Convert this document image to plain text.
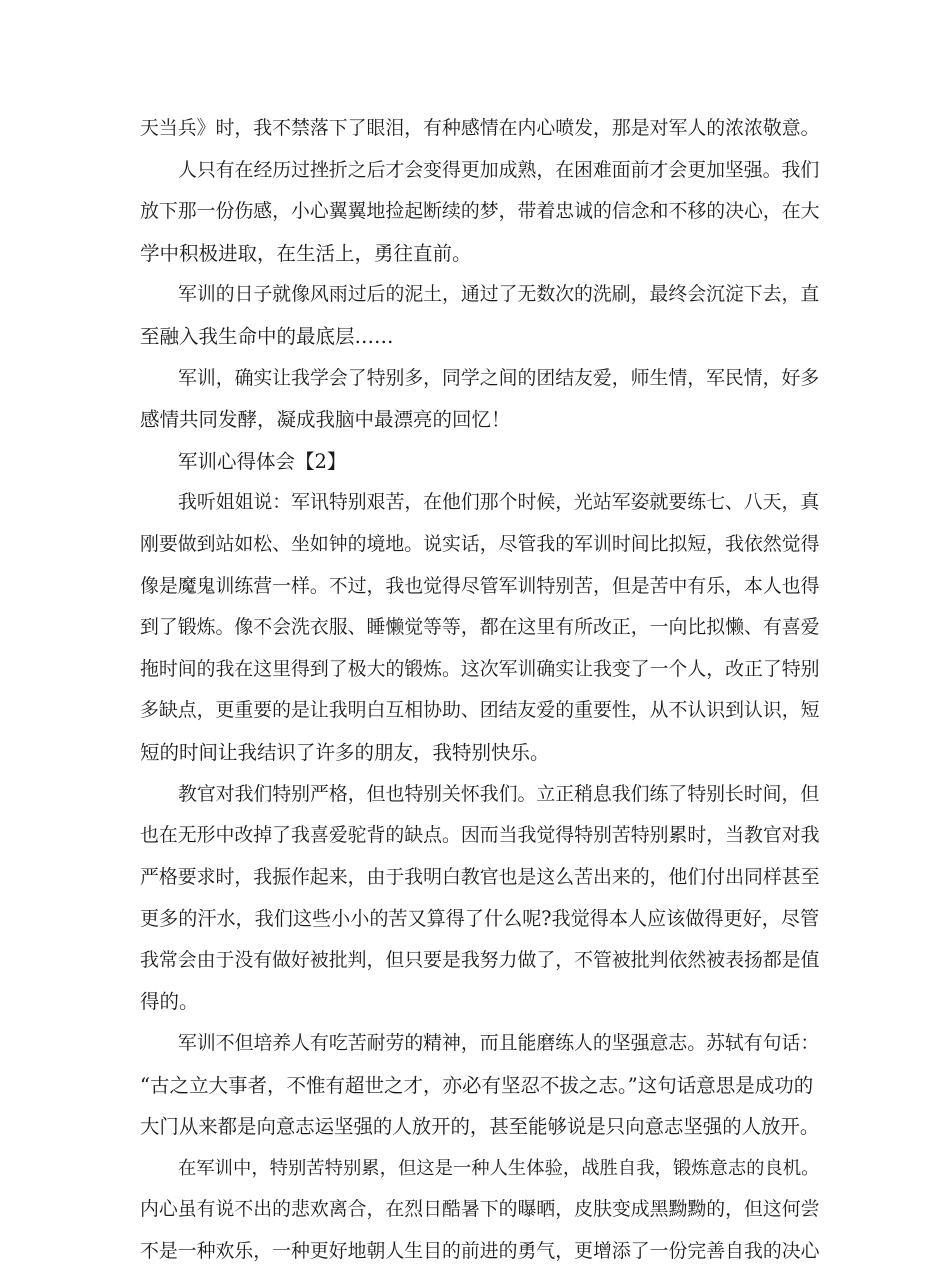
天当兵》时，我不禁落下了眼泪，有种感情在内心喷发，那是对军人的浓浓敬意。
人只有在经历过挫折之后才会变得更加成熟，在困难面前才会更加坚强。我们
放下那一份伤感，小心翼翼地捡起断续的梦，带着忠诚的信念和不移的决心，在大
学中积极进取，在生活上，勇往直前。
军训的日子就像风雨过后的泥土，通过了无数次的洗刷，最终会沉淀下去，直
至融入我生命中的最底层……
军训，确实让我学会了特别多，同学之间的团结友爱，师生情，军民情，好多
感情共同发酵，凝成我脑中最漂亮的回忆！
军训心得体会【2】
我听姐姐说：军讯特别艰苦，在他们那个时候，光站军姿就要练七、八天，真
刚要做到站如松、坐如钟的境地。说实话，尽管我的军训时间比拟短，我依然觉得
像是魔鬼训练营一样。不过，我也觉得尽管军训特别苦，但是苦中有乐，本人也得
到了锻炼。像不会洗衣服、睡懒觉等等，都在这里有所改正，一向比拟懒、有喜爱
拖时间的我在这里得到了极大的锻炼。这次军训确实让我变了一个人，改正了特别
多缺点，更重要的是让我明白互相协助、团结友爱的重要性，从不认识到认识，短
短的时间让我结识了许多的朋友，我特别快乐。
教官对我们特别严格，但也特别关怀我们。立正稍息我们练了特别长时间，但
也在无形中改掉了我喜爱驼背的缺点。因而当我觉得特别苦特别累时，当教官对我
严格要求时，我振作起来，由于我明白教官也是这么苦出来的，他们付出同样甚至
更多的汗水，我们这些小小的苦又算得了什么呢?我觉得本人应该做得更好，尽管
我常会由于没有做好被批判，但只要是我努力做了，不管被批判依然被表扬都是值
得的。
军训不但培养人有吃苦耐劳的精神，而且能磨练人的坚强意志。苏轼有句话：
“古之立大事者，不惟有超世之才，亦必有坚忍不拔之志。”这句话意思是成功的
大门从来都是向意志运坚强的人放开的，甚至能够说是只向意志坚强的人放开。
在军训中，特别苦特别累，但这是一种人生体验，战胜自我，锻炼意志的良机。
内心虽有说不出的悲欢离合，在烈日酷暑下的曝晒，皮肤变成黑黝黝的，但这何尝
不是一种欢乐，一种更好地朝人生目的前进的勇气，更增添了一份完善自我的决心
